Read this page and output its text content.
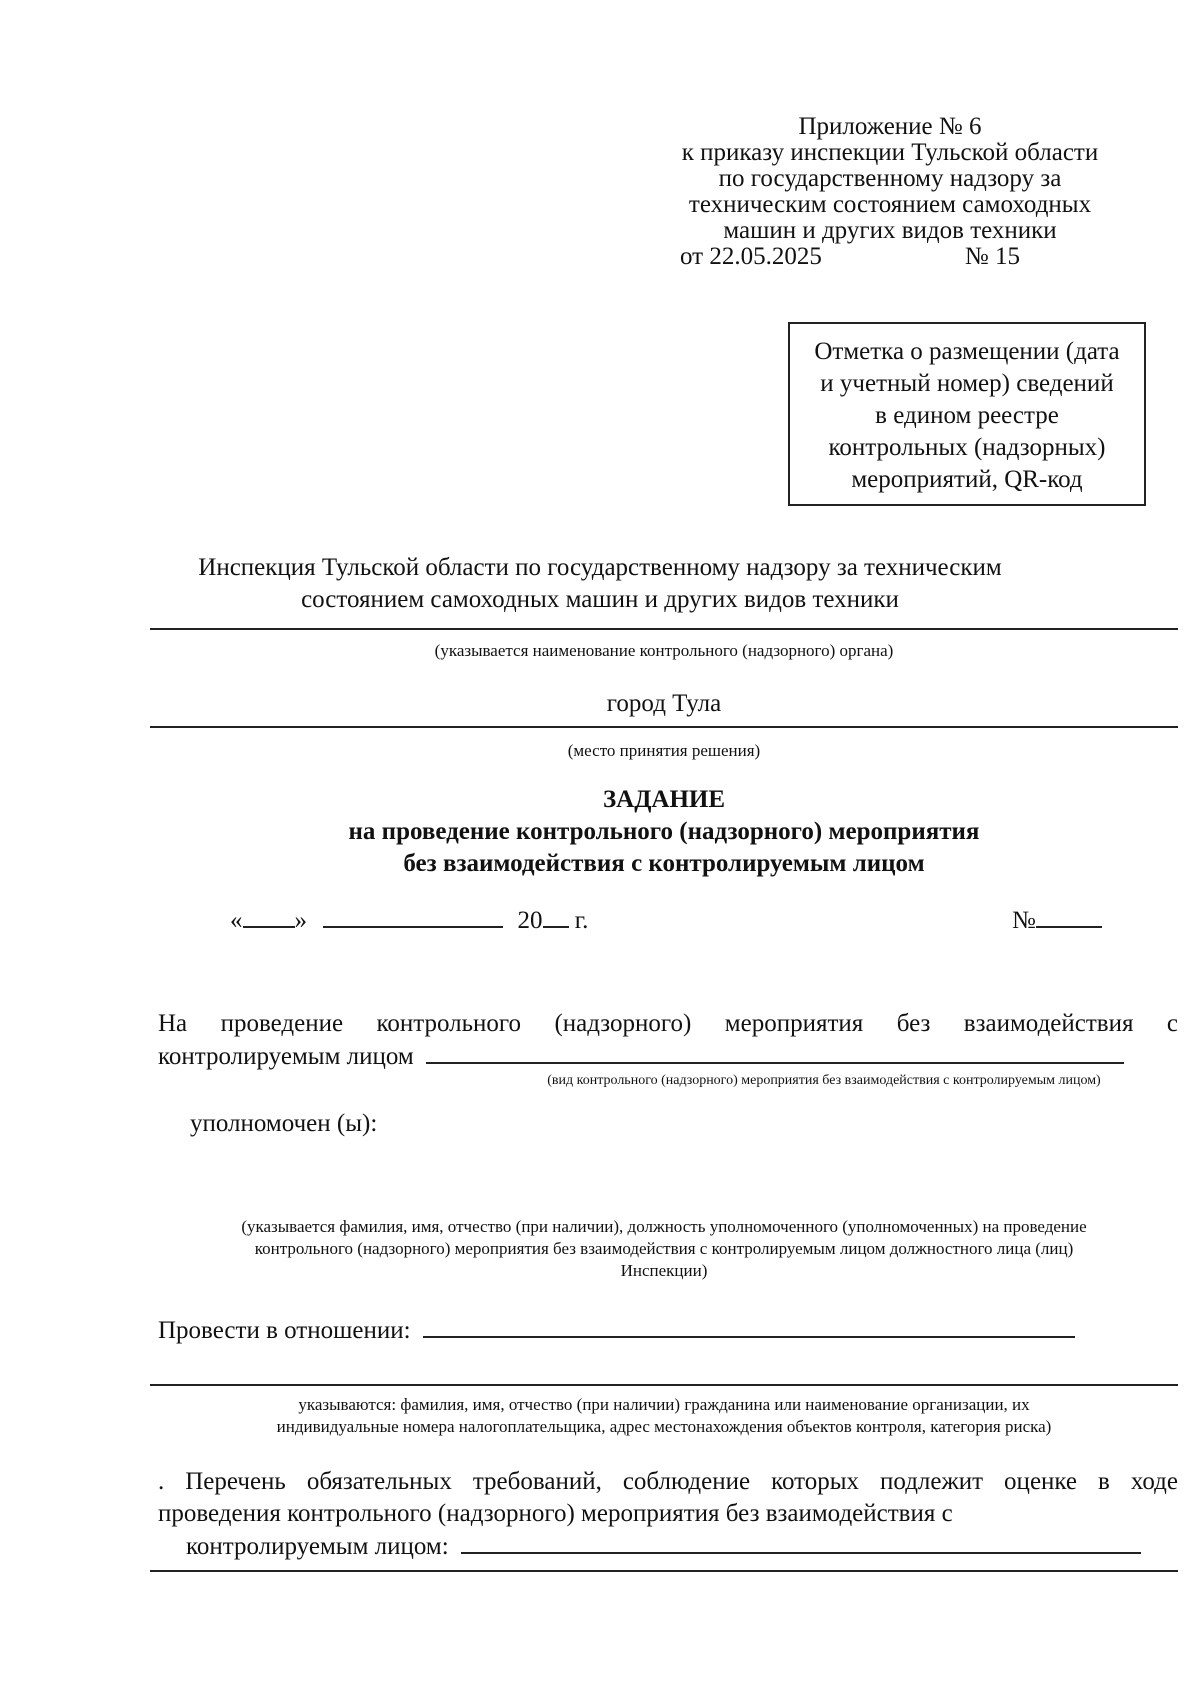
Приложение № 6
к приказу инспекции Тульской области
по государственному надзору за
техническим состоянием самоходных
машин и других видов техники
от 22.05.2025	№ 15
Отметка о размещении (дата
и учетный номер) сведений
в едином реестре
контрольных (надзорных)
мероприятий, QR-код
Инспекция Тульской области по государственному надзору за техническим
состоянием самоходных машин и других видов техники
(указывается наименование контрольного (надзорного) органа)
город Тула
(место принятия решения)
ЗАДАНИЕ
на проведение контрольного (надзорного) мероприятия
без взаимодействия с контролируемым лицом
« »	20 г.	№
На проведение контрольного (надзорного) мероприятия без взаимодействия с
контролируемым лицом
(вид контрольного (надзорного) мероприятия без взаимодействия с контролируемым лицом)
уполномочен (ы):
(указывается фамилия, имя, отчество (при наличии), должность уполномоченного (уполномоченных) на проведение
контрольного (надзорного) мероприятия без взаимодействия с контролируемым лицом должностного лица (лиц)
Инспекции)
Провести в отношении:
указываются: фамилия, имя, отчество (при наличии) гражданина или наименование организации, их
индивидуальные номера налогоплательщика, адрес местонахождения объектов контроля, категория риска)
. Перечень обязательных требований, соблюдение которых подлежит оценке в ходе
проведения контрольного (надзорного) мероприятия без взаимодействия с
контролируемым лицом:
